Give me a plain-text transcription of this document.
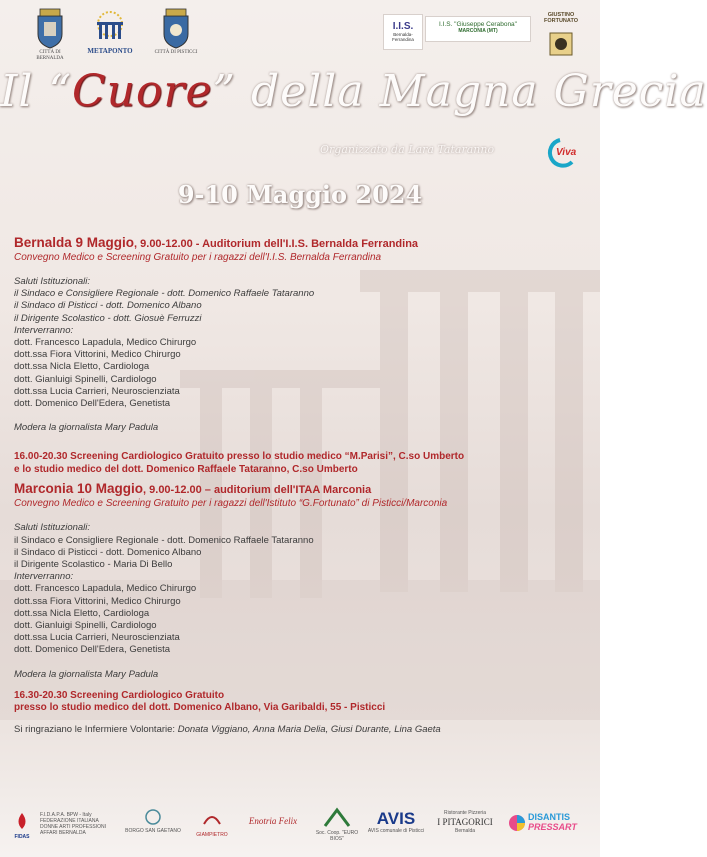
CITTÀ DI BERNALDA
METAPONTO	CITTÀ DI PISTICCI
I.I.S.
Bernalda-Ferrandina
I.I.S. "Giuseppe Cerabona"
MARCONIA (MT)
GIUSTINO FORTUNATO
Il “Cuore” della Magna Grecia
Organizzato da Lara Tataranno	Viva
9-10 Maggio 2024
Bernalda 9 Maggio, 9.00-12.00 - Auditorium dell'I.I.S. Bernalda Ferrandina
Convegno Medico e Screening Gratuito per i ragazzi dell'I.I.S. Bernalda Ferrandina
Saluti Istituzionali:
il Sindaco e Consigliere Regionale - dott. Domenico Raffaele Tataranno
il Sindaco di Pisticci - dott. Domenico Albano
il Dirigente Scolastico - dott. Giosuè Ferruzzi
Interverranno:
dott. Francesco Lapadula, Medico Chirurgo
dott.ssa Fiora Vittorini, Medico Chirurgo
dott.ssa Nicla Eletto, Cardiologa
dott. Gianluigi Spinelli, Cardiologo
dott.ssa Lucia Carrieri, Neuroscienziata
dott. Domenico Dell'Edera, Genetista
Modera la giornalista Mary Padula
16.00-20.30 Screening Cardiologico Gratuito presso lo studio medico “M.Parisi”, C.so Umberto
e lo studio medico del dott. Domenico Raffaele Tataranno, C.so Umberto
Marconia 10 Maggio, 9.00-12.00 – auditorium dell'ITAA Marconia
Convegno Medico e Screening Gratuito per i ragazzi dell'Istituto “G.Fortunato” di Pisticci/Marconia
Saluti Istituzionali:
il Sindaco e Consigliere Regionale - dott. Domenico Raffaele Tataranno
il Sindaco di Pisticci - dott. Domenico Albano
il Dirigente Scolastico - Maria Di Bello
Interverranno:
dott. Francesco Lapadula, Medico Chirurgo
dott.ssa Fiora Vittorini, Medico Chirurgo
dott.ssa Nicla Eletto, Cardiologa
dott. Gianluigi Spinelli, Cardiologo
dott.ssa Lucia Carrieri, Neuroscienziata
dott. Domenico Dell'Edera, Genetista
Modera la giornalista Mary Padula
16.30-20.30 Screening Cardiologico Gratuito
presso lo studio medico del dott. Domenico Albano, Via Garibaldi, 55 - Pisticci
Si ringraziano le Infermiere Volontarie: Donata Viggiano, Anna Maria Delia, Giusi Durante, Lina Gaeta
FIDAS
F.I.D.A.P.A. BPW - Italy
FEDERAZIONE ITALIANA DONNE ARTI PROFESSIONI AFFARI BERNALDA	BORGO SAN GAETANO
GIAMPIETRO
Enotria Felix
Soc. Coop. "EURO BIOS"
AVIS
AVIS comunale di Pisticci
Ristorante Pizzeria
I PITAGORICI
Bernalda
DISANTIS
PRESSART
